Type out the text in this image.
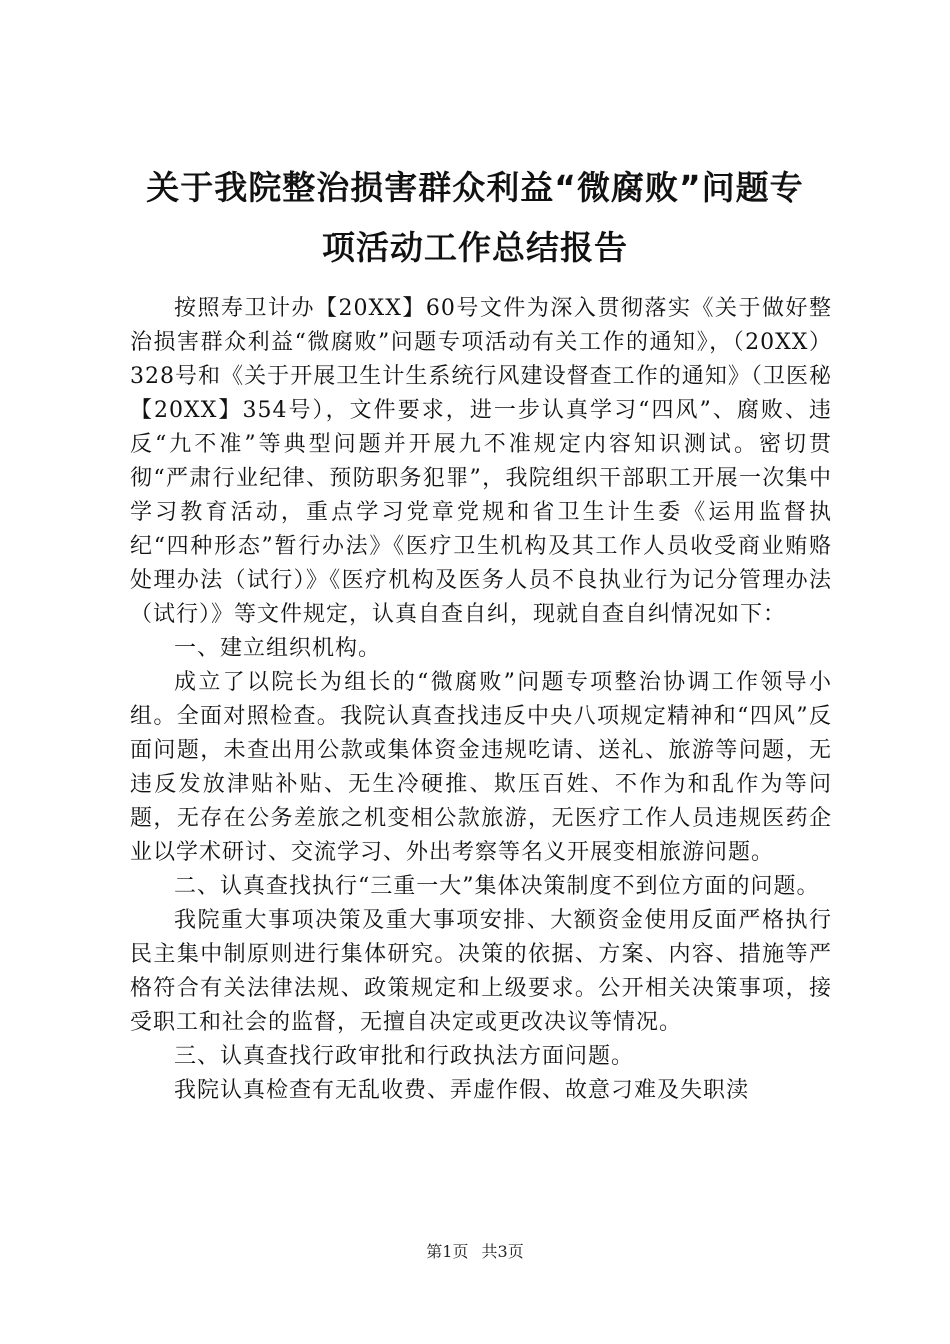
关于我院整治损害群众利益“微腐败”问题专
项活动工作总结报告

按照寿卫计办【20XX】60号文件为深入贯彻落实《关于做好整治损害群众利益“微腐败”问题专项活动有关工作的通知》，（20XX）328号和《关于开展卫生计生系统行风建设督查工作的通知》（卫医秘【20XX】354号），文件要求，进一步认真学习“四风”、腐败、违反“九不准”等典型问题并开展九不准规定内容知识测试。密切贯彻“严肃行业纪律、预防职务犯罪”，我院组织干部职工开展一次集中学习教育活动，重点学习党章党规和省卫生计生委《运用监督执纪“四种形态”暂行办法》《医疗卫生机构及其工作人员收受商业贿赂处理办法（试行）》《医疗机构及医务人员不良执业行为记分管理办法（试行）》等文件规定，认真自查自纠，现就自查自纠情况如下：

一、建立组织机构。

成立了以院长为组长的“微腐败”问题专项整治协调工作领导小组。全面对照检查。我院认真查找违反中央八项规定精神和“四风”反面问题，未查出用公款或集体资金违规吃请、送礼、旅游等问题，无违反发放津贴补贴、无生冷硬推、欺压百姓、不作为和乱作为等问题，无存在公务差旅之机变相公款旅游，无医疗工作人员违规医药企业以学术研讨、交流学习、外出考察等名义开展变相旅游问题。

二、认真查找执行“三重一大”集体决策制度不到位方面的问题。

我院重大事项决策及重大事项安排、大额资金使用反面严格执行民主集中制原则进行集体研究。决策的依据、方案、内容、措施等严格符合有关法律法规、政策规定和上级要求。公开相关决策事项，接受职工和社会的监督，无擅自决定或更改决议等情况。

三、认真查找行政审批和行政执法方面问题。

我院认真检查有无乱收费、弄虚作假、故意刁难及失职渎

第1页 共3页
